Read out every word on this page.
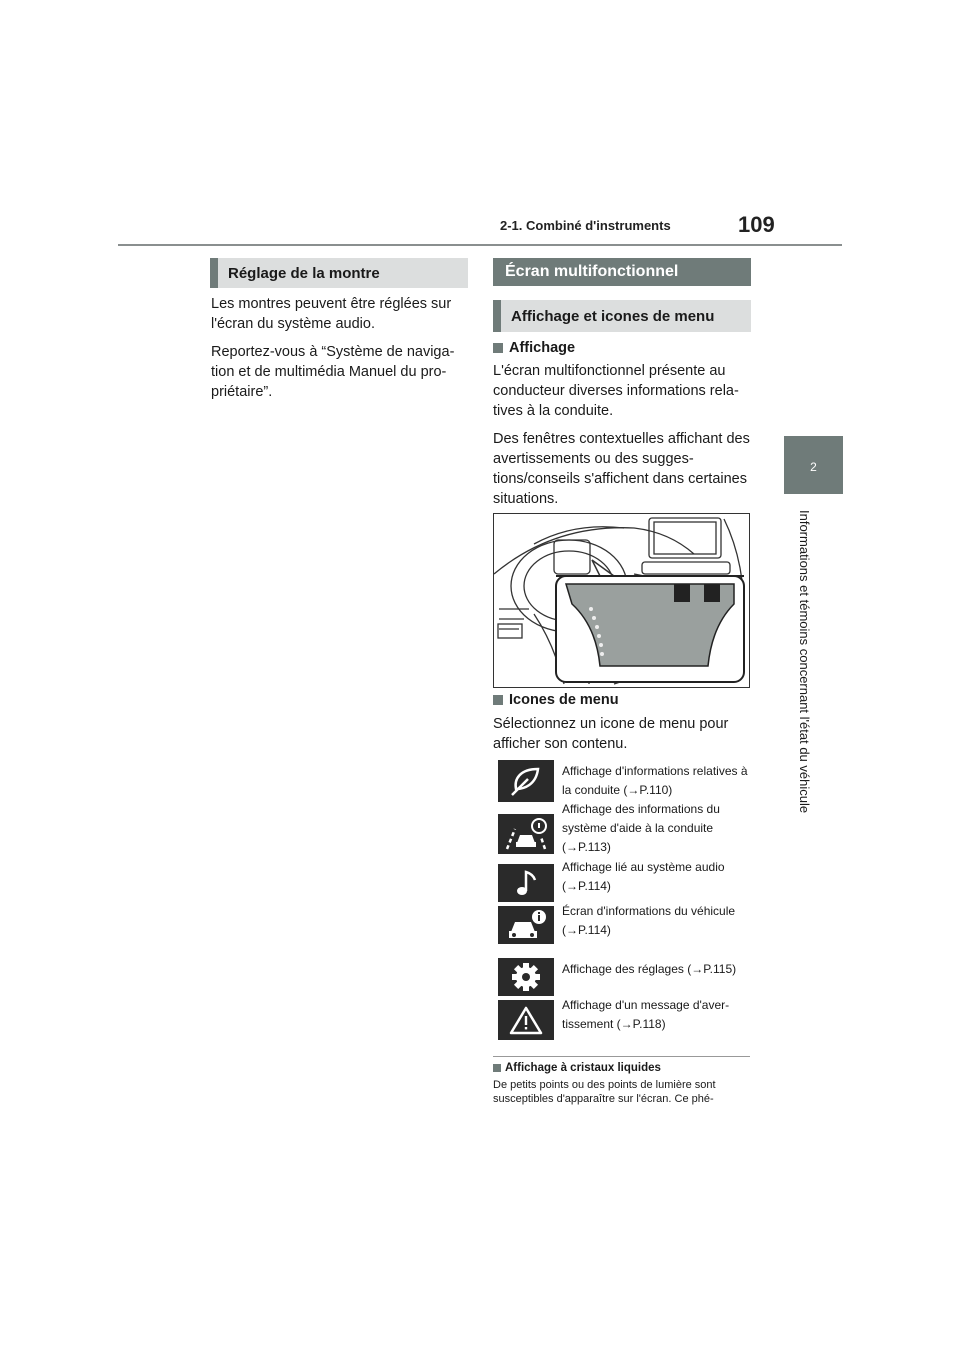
2-1. Combiné d'instruments	109
2
Informations et témoins concernant l'état du véhicule
Réglage de la montre

Les montres peuvent être réglées sur l'écran du système audio.

Reportez-vous à “Système de navigation et de multimédia Manuel du propriétaire”.

Écran multifonctionnel
Affichage et icones de menu
Affichage

L'écran multifonctionnel présente au conducteur diverses informations relatives à la conduite.

Des fenêtres contextuelles affichant des avertissements ou des suggestions/conseils s'affichent dans certaines situations.

Icones de menu
Sélectionnez un icone de menu pour afficher son contenu.
Affichage d'informations relatives à la conduite (→P.110)
Affichage des informations du système d'aide à la conduite (→P.113)
Affichage lié au système audio (→P.114)
Écran d'informations du véhicule (→P.114)
Affichage des réglages (→P.115)
Affichage d'un message d'avertissement (→P.118)
Affichage à cristaux liquides
De petits points ou des points de lumière sont susceptibles d'apparaître sur l'écran. Ce phé-
